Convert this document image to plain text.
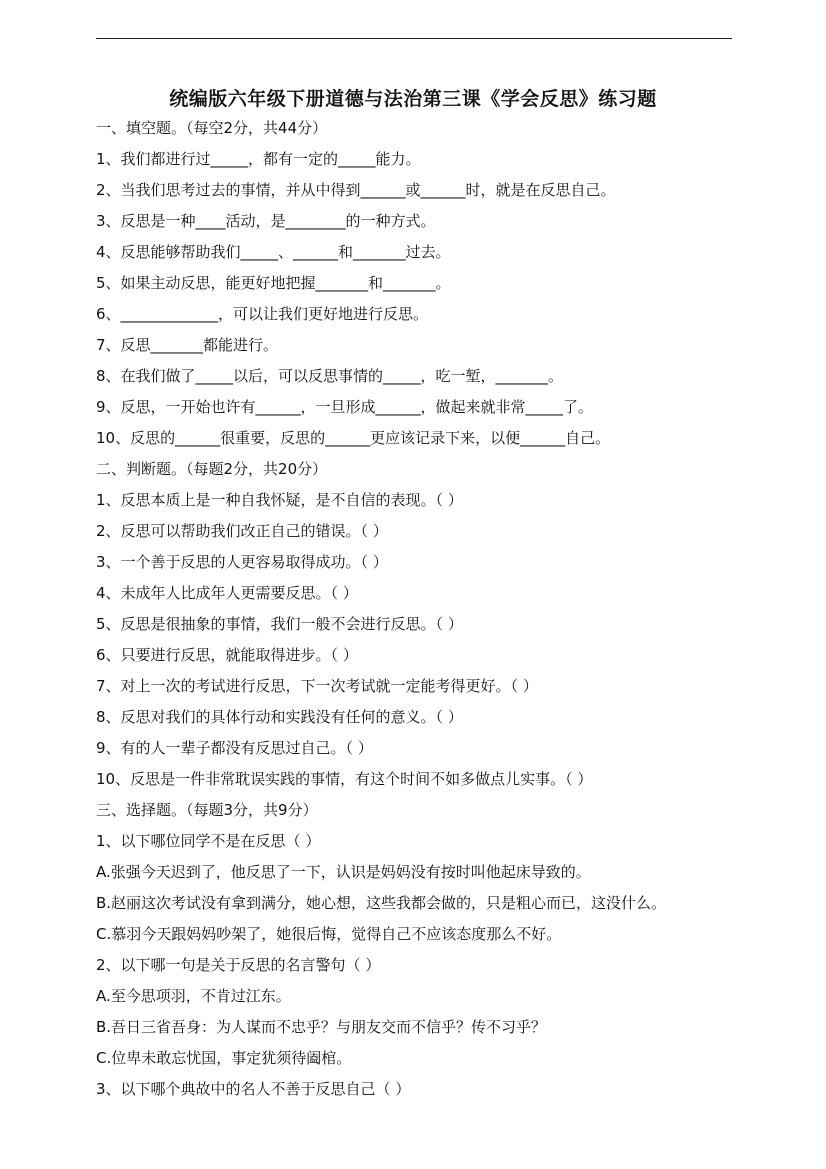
统编版六年级下册道德与法治第三课《学会反思》练习题
一、填空题。（每空2分，共44分）
1、我们都进行过_____，都有一定的_____能力。
2、当我们思考过去的事情，并从中得到______或______时，就是在反思自己。
3、反思是一种____活动，是________的一种方式。
4、反思能够帮助我们_____、______和_______过去。
5、如果主动反思，能更好地把握_______和_______。
6、_____________，可以让我们更好地进行反思。
7、反思_______都能进行。
8、在我们做了_____以后，可以反思事情的_____，吃一堑，_______。
9、反思，一开始也许有______，一旦形成______，做起来就非常_____了。
10、反思的______很重要，反思的______更应该记录下来，以便______自己。
二、判断题。（每题2分，共20分）
1、反思本质上是一种自我怀疑，是不自信的表现。（ ）
2、反思可以帮助我们改正自己的错误。（ ）
3、一个善于反思的人更容易取得成功。（ ）
4、未成年人比成年人更需要反思。（ ）
5、反思是很抽象的事情，我们一般不会进行反思。（ ）
6、只要进行反思，就能取得进步。（ ）
7、对上一次的考试进行反思，下一次考试就一定能考得更好。（ ）
8、反思对我们的具体行动和实践没有任何的意义。（ ）
9、有的人一辈子都没有反思过自己。（ ）
10、反思是一件非常耽误实践的事情，有这个时间不如多做点儿实事。（ ）
三、选择题。（每题3分，共9分）
1、以下哪位同学不是在反思（ ）
A.张强今天迟到了，他反思了一下，认识是妈妈没有按时叫他起床导致的。
B.赵丽这次考试没有拿到满分，她心想，这些我都会做的，只是粗心而已，这没什么。
C.慕羽今天跟妈妈吵架了，她很后悔，觉得自己不应该态度那么不好。
2、以下哪一句是关于反思的名言警句（ ）
A.至今思项羽，不肯过江东。
B.吾日三省吾身：为人谋而不忠乎？与朋友交而不信乎？传不习乎？
C.位卑未敢忘忧国，事定犹须待阖棺。
3、以下哪个典故中的名人不善于反思自己（ ）
